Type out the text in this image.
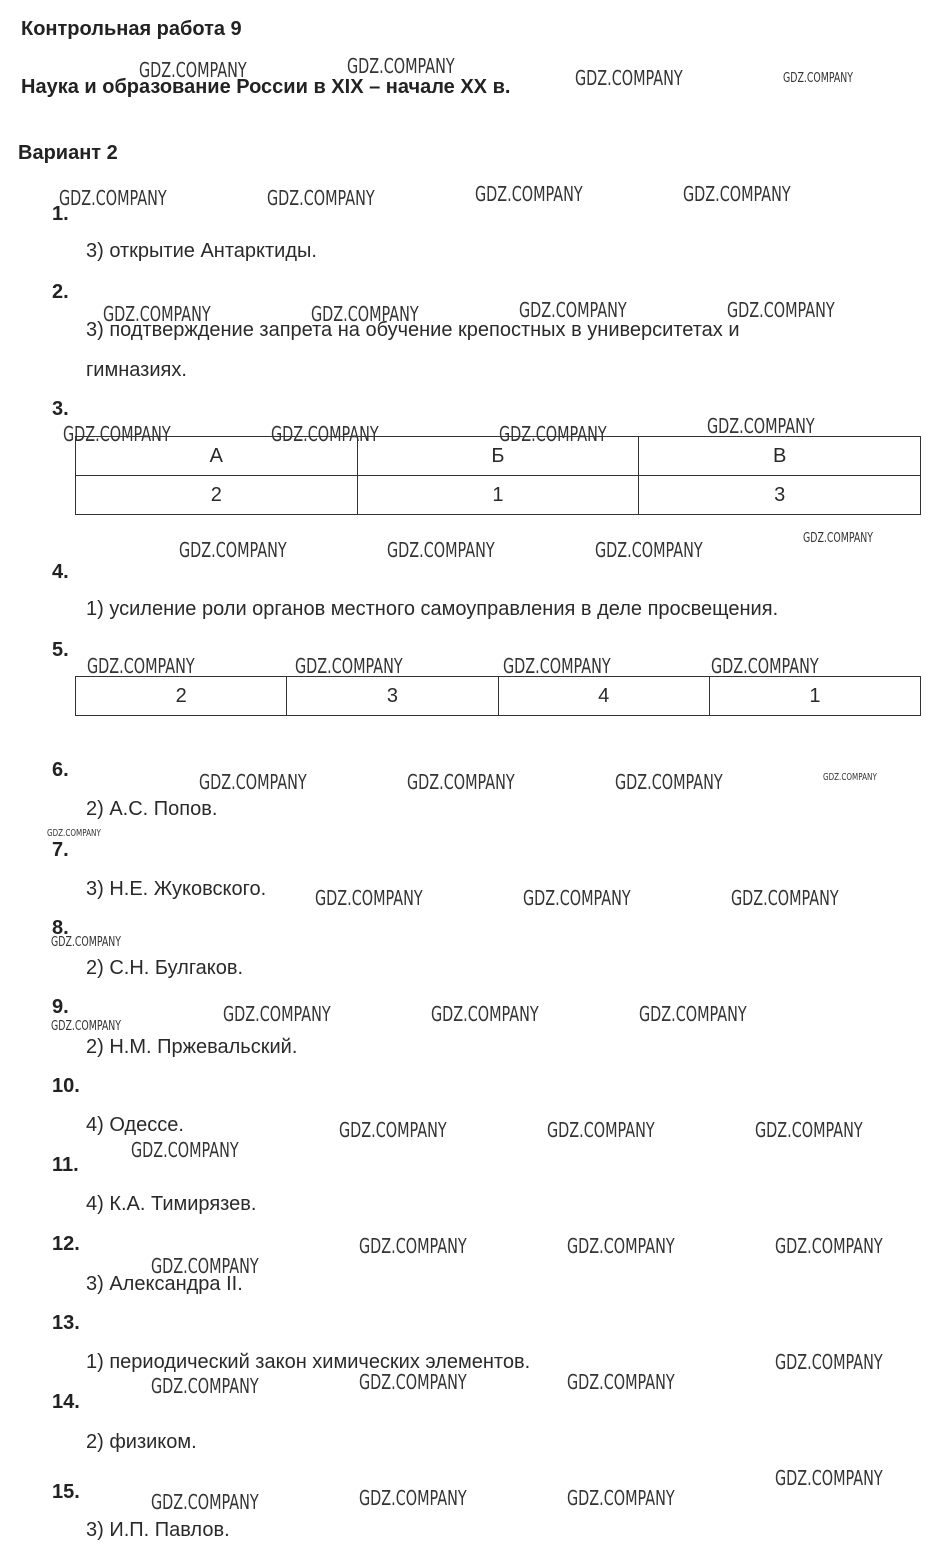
Контрольная работа 9
Наука и образование России в XIX – начале XX в.
Вариант 2
1.
3) открытие Антарктиды.
2.
3) подтверждение запрета на обучение крепостных в университетах и
гимназиях.
3.
А	Б	В
2	1	3
4.
1) усиление роли органов местного самоуправления в деле просвещения.
5.
2	3	4	1
6.
2) А.С. Попов.
7.
3) Н.Е. Жуковского.
8.
2) С.Н. Булгаков.
9.
2) Н.М. Пржевальский.
10.
4) Одессе.
11.
4) К.А. Тимирязев.
12.
3) Александра II.
13.
1) периодический закон химических элементов.
14.
2) физиком.
15.
3) И.П. Павлов.
GDZ.COMPANY	GDZ.COMPANY	GDZ.COMPANY	GDZ.COMPANY
GDZ.COMPANY	GDZ.COMPANY	GDZ.COMPANY	GDZ.COMPANY
GDZ.COMPANY	GDZ.COMPANY	GDZ.COMPANY	GDZ.COMPANY
GDZ.COMPANY	GDZ.COMPANY	GDZ.COMPANY	GDZ.COMPANY
GDZ.COMPANY	GDZ.COMPANY	GDZ.COMPANY	GDZ.COMPANY
GDZ.COMPANY	GDZ.COMPANY	GDZ.COMPANY	GDZ.COMPANY
GDZ.COMPANY	GDZ.COMPANY	GDZ.COMPANY	GDZ.COMPANY
GDZ.COMPANY
GDZ.COMPANY	GDZ.COMPANY	GDZ.COMPANY
GDZ.COMPANY
GDZ.COMPANY	GDZ.COMPANY	GDZ.COMPANY
GDZ.COMPANY
GDZ.COMPANY	GDZ.COMPANY	GDZ.COMPANY
GDZ.COMPANY
GDZ.COMPANY	GDZ.COMPANY	GDZ.COMPANY
GDZ.COMPANY
GDZ.COMPANY
GDZ.COMPANY	GDZ.COMPANY	GDZ.COMPANY
GDZ.COMPANY
GDZ.COMPANY	GDZ.COMPANY	GDZ.COMPANY
